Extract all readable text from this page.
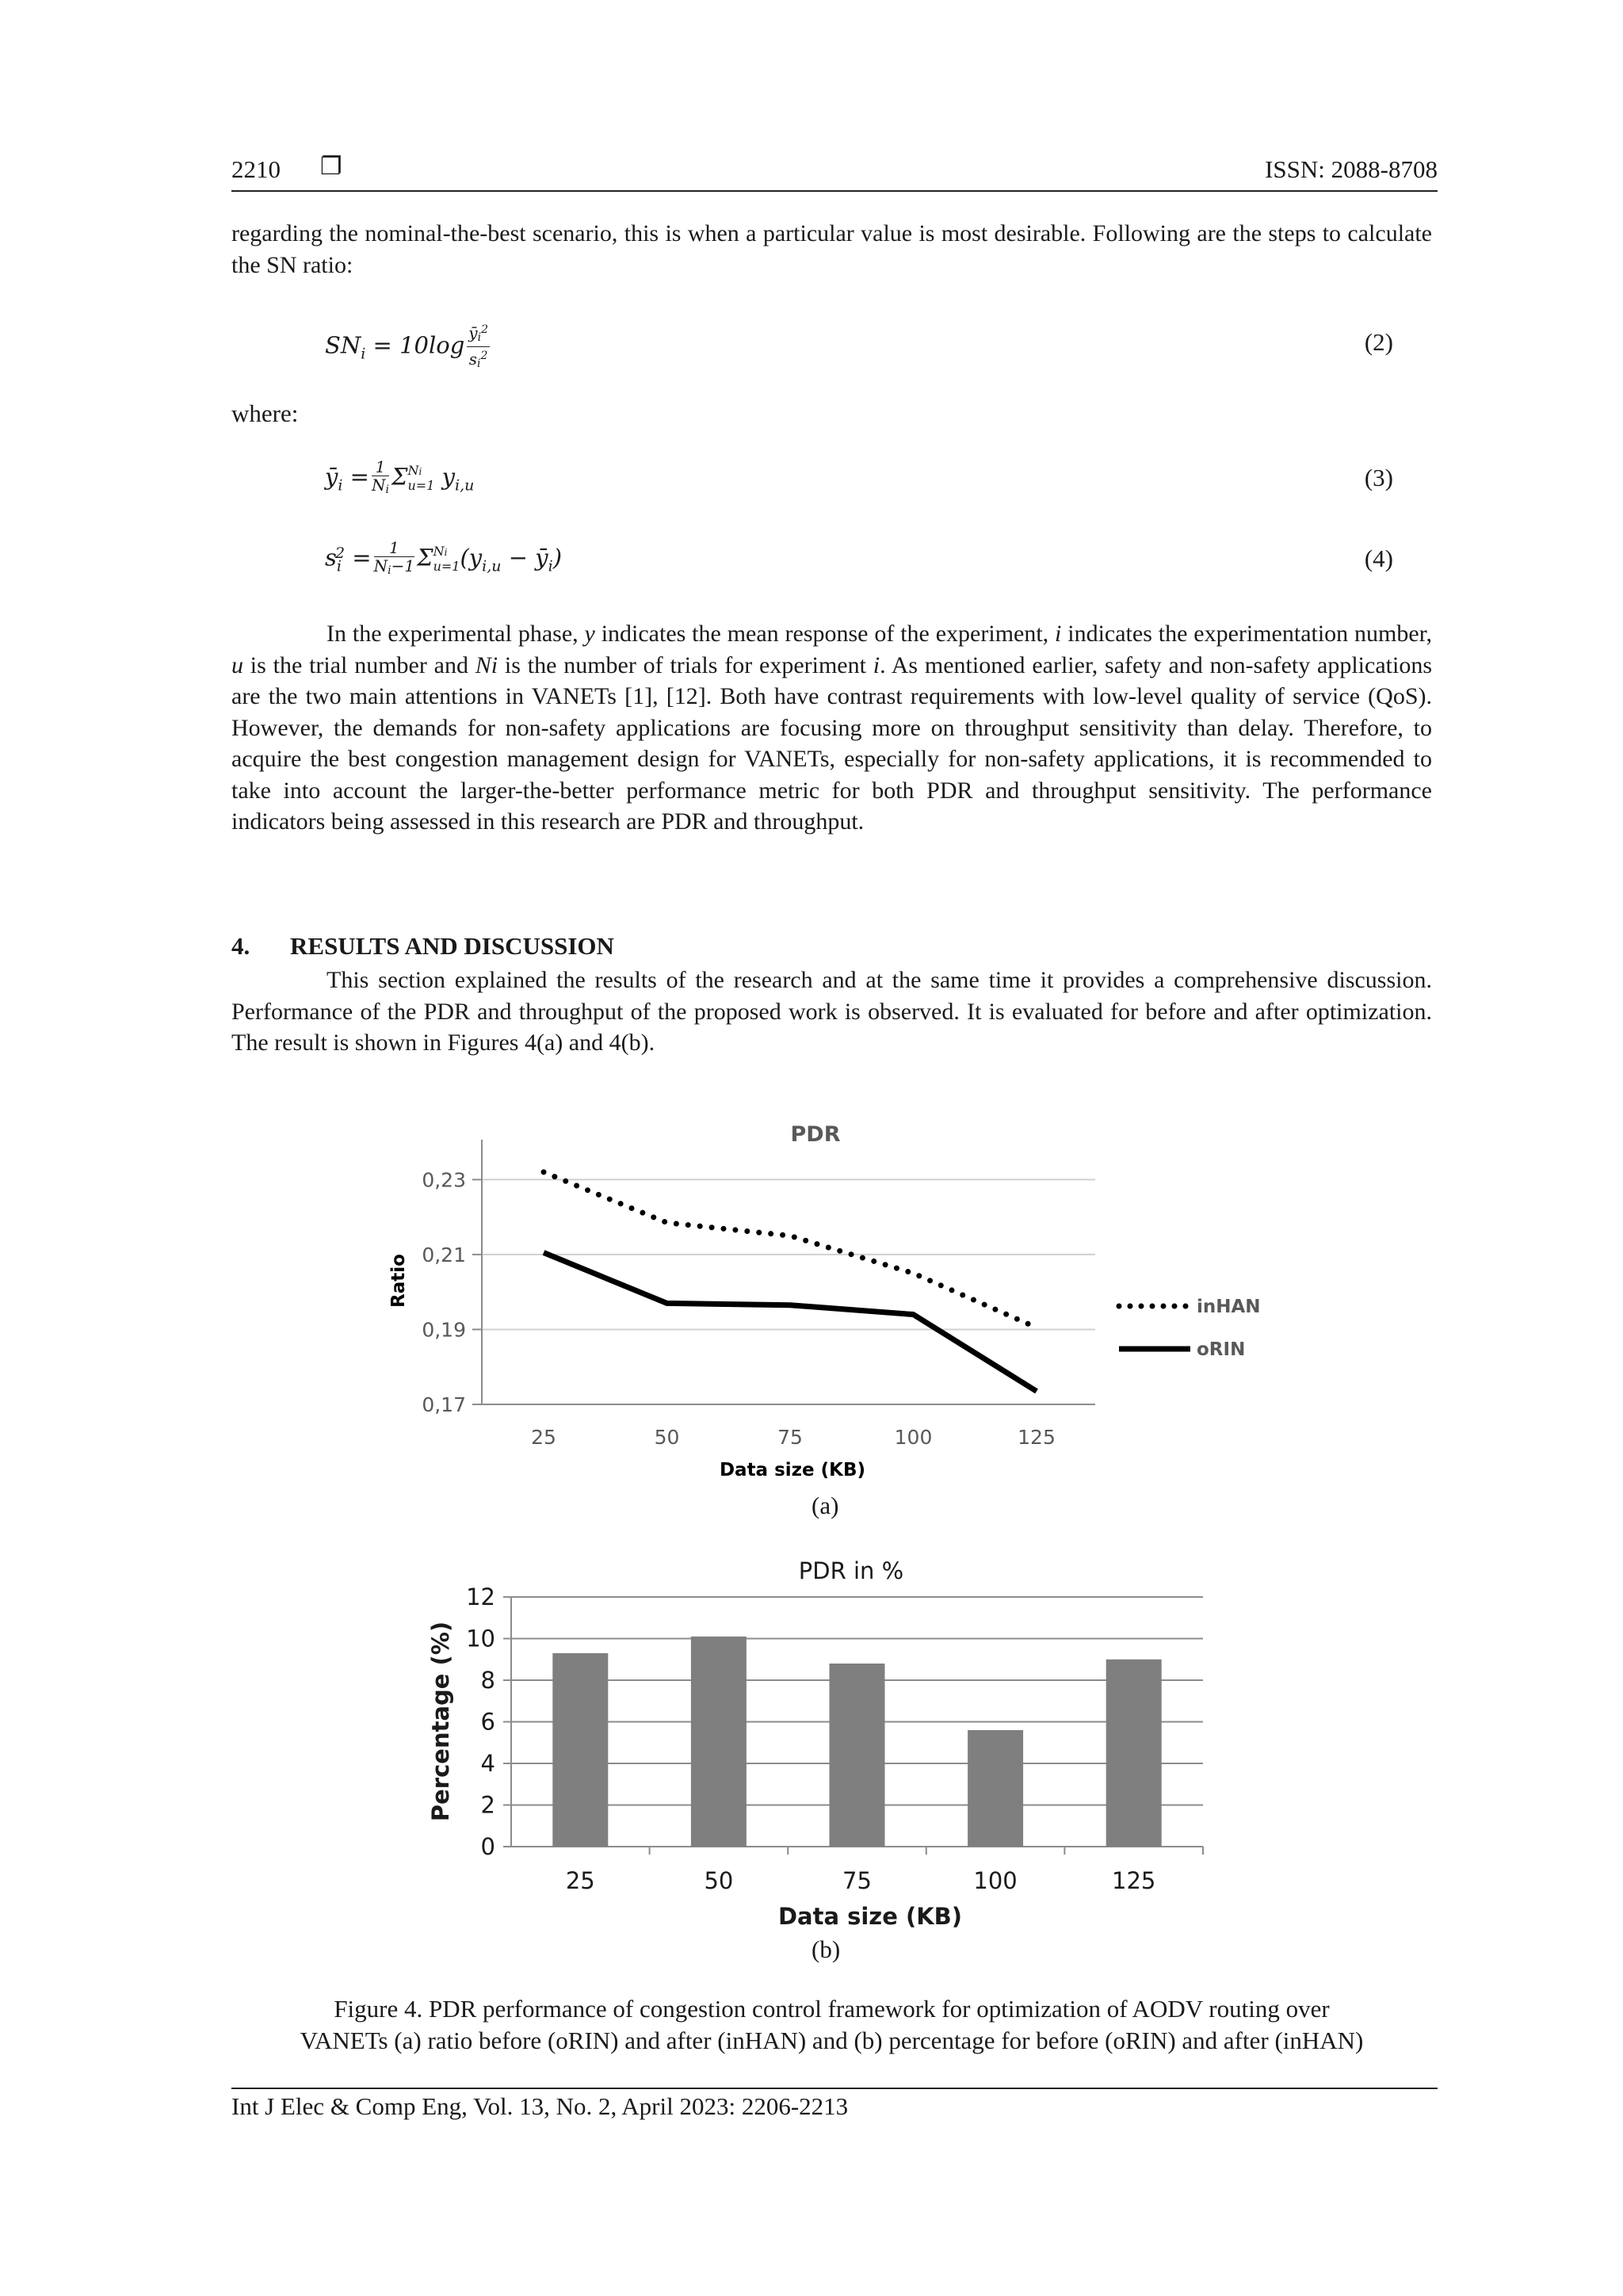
2210 ❐	ISSN: 2088-8708

regarding the nominal-the-best scenario, this is when a particular value is most desirable. Following are the steps to calculate the SN ratio:

$SN_i = 10\log \frac{ȳ_i^2}{si^2}$	(2)
where:
$ȳ_i = \frac{1}{Ni}$ Σ Ni
u=1 $y_{i,u}$	(3)
$s_i^2 = \frac{1}{Ni-1}$ Σ Ni
u=1 ($y_{i,u}$ − $ȳ_i$)	(4)

In the experimental phase, y indicates the mean response of the experiment, i indicates the experimentation number, u is the trial number and Ni is the number of trials for experiment i. As mentioned earlier, safety and non-safety applications are the two main attentions in VANETs [1], [12]. Both have contrast requirements with low-level quality of service (QoS). However, the demands for non-safety applications are focusing more on throughput sensitivity than delay. Therefore, to acquire the best congestion management design for VANETs, especially for non-safety applications, it is recommended to take into account the larger-the-better performance metric for both PDR and throughput sensitivity. The performance indicators being assessed in this research are PDR and throughput.

4. RESULTS AND DISCUSSION

This section explained the results of the research and at the same time it provides a comprehensive discussion. Performance of the PDR and throughput of the proposed work is observed. It is evaluated for before and after optimization. The result is shown in Figures 4(a) and 4(b).

PDR
0,17
0,19
0,21
0,23
25	50	75	100	125
Data size (KB)
Ratio	inHAN
oRIN
(a)
PDR in %
0
2
4
6
8
10
12
25	50	75	100	125
Data size (KB)
Percentage (%)
(b)
Figure 4. PDR performance of congestion control framework for optimization of AODV routing over
VANETs (a) ratio before (oRIN) and after (inHAN) and (b) percentage for before (oRIN) and after (inHAN)
Int J Elec & Comp Eng, Vol. 13, No. 2, April 2023: 2206-2213
